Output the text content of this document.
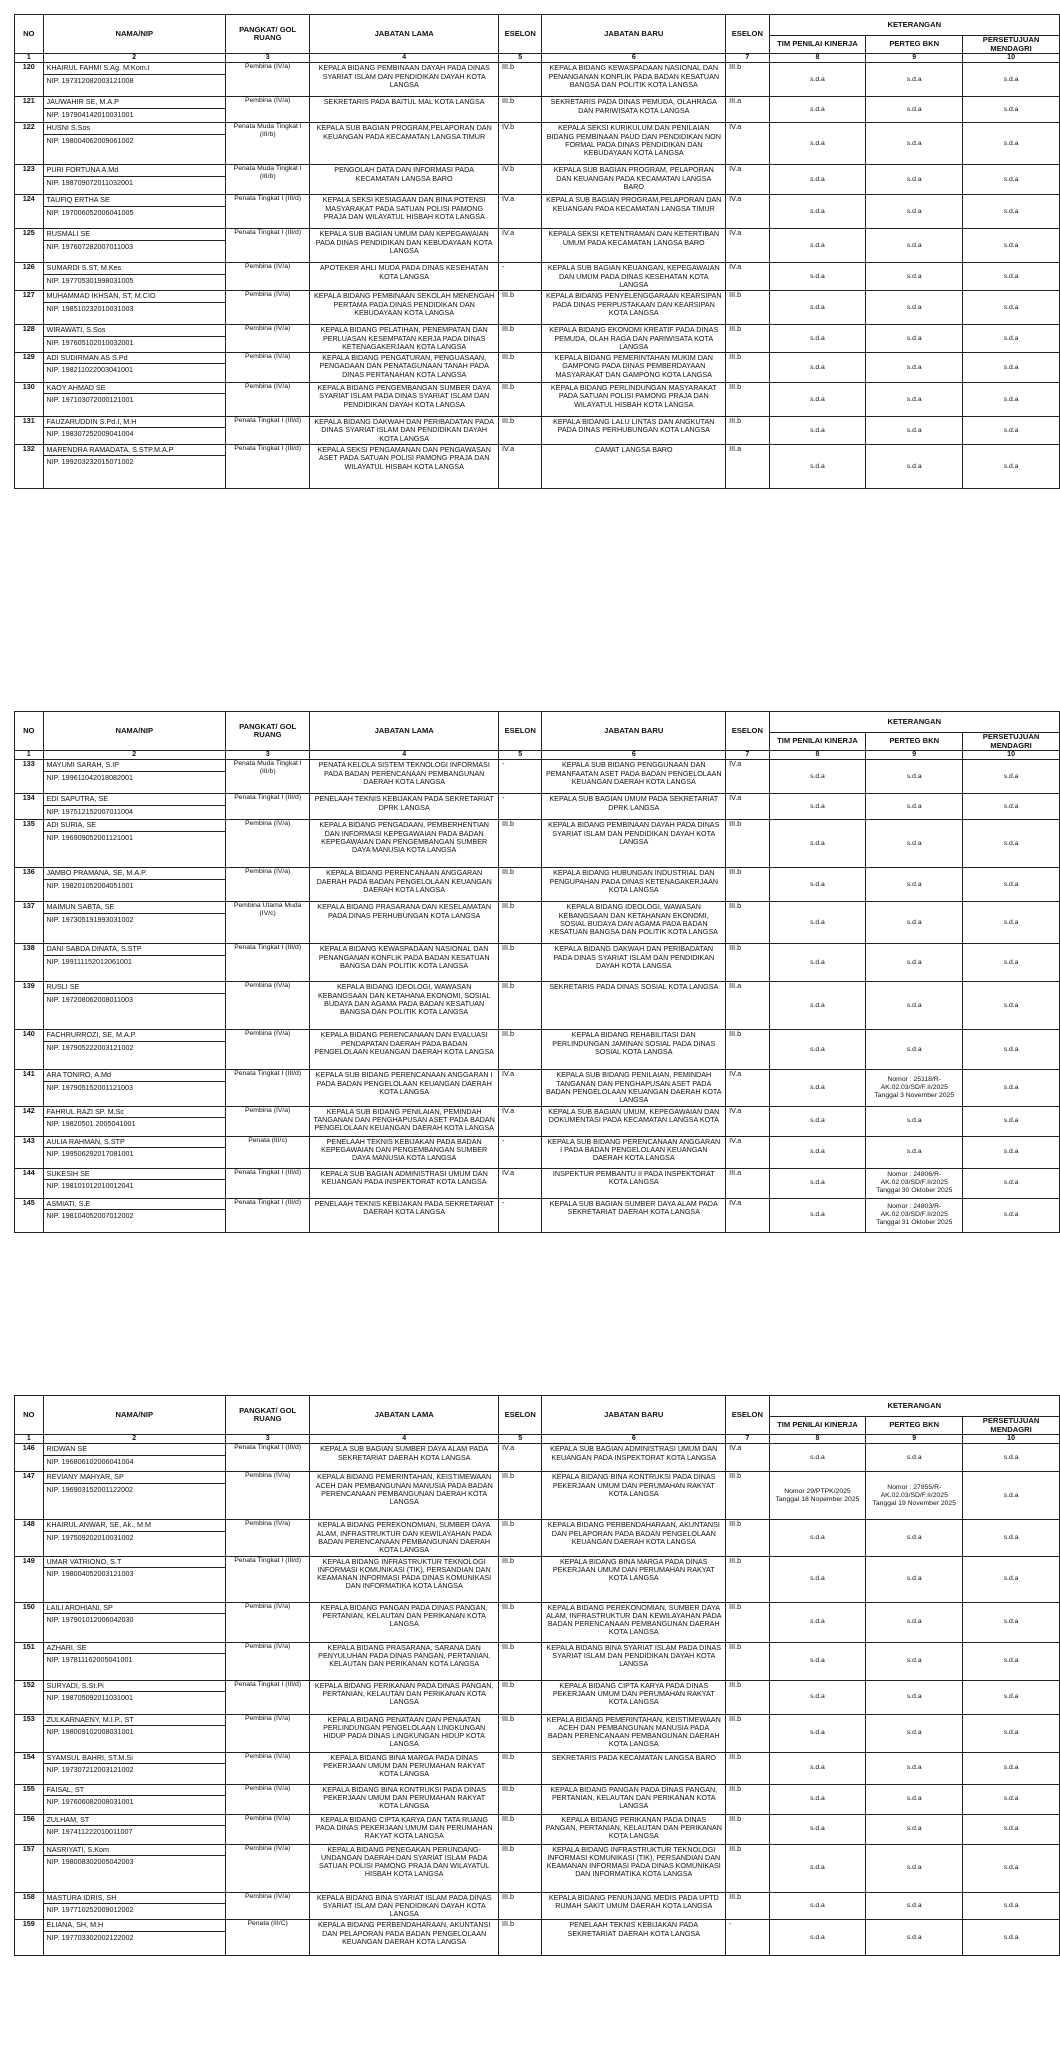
NO	NAMA/NIP	PANGKAT/ GOL RUANG	JABATAN LAMA	ESELON	JABATAN BARU	ESELON	KETERANGAN		
							TIM PENILAI KINERJA	PERTEG BKN	PERSETUJUAN MENDAGRI
1	2	3	4	5	6	7	8	9	10
120	KHAIRUL FAHMI S.Ag. M.Kom.I
NIP. 197312082003121008	Pembina (IV/a)	KEPALA BIDANG PEMBINAAN DAYAH PADA DINAS SYARIAT ISLAM DAN PENDIDIKAN DAYAH KOTA LANGSA	III.b	KEPALA BIDANG KEWASPADAAN NASIONAL DAN PENANGANAN KONFLIK PADA BADAN KESATUAN BANGSA DAN POLITIK KOTA LANGSA	III.b	s.d.a	s.d.a	s.d.a
121	JAUWAHIR SE, M.A.P
NIP. 197904142010031001	Pembina (IV/a)	SEKRETARIS PADA BAITUL MAL KOTA LANGSA	III.b	SEKRETARIS PADA DINAS PEMUDA, OLAHRAGA DAN PARIWISATA KOTA LANGSA	III.a	s.d.a	s.d.a	s.d.a
122	HUSNI S.Sos
NIP. 198004062009061002	Penata Muda Tingkat I (III/b)	KEPALA SUB BAGIAN PROGRAM,PELAPORAN DAN KEUANGAN PADA KECAMATAN LANGSA TIMUR	IV.b	KEPALA SEKSI KURIKULUM DAN PENILAIAN BIDANG PEMBINAAN PAUD DAN PENDIDIKAN NON FORMAL PADA DINAS PENDIDIKAN DAN KEBUDAYAAN KOTA LANGSA	IV.a	s.d.a	s.d.a	s.d.a
123	PURI FORTUNA A.Md
NIP. 198709072011032001	Penata Muda Tingkat I (III/b)	PENGOLAH DATA DAN INFORMASI PADA KECAMATAN LANGSA BARO	IV.b	KEPALA SUB BAGIAN PROGRAM, PELAPORAN DAN KEUANGAN PADA KECAMATAN LANGSA BARO	IV.a	s.d.a	s.d.a	s.d.a
124	TAUFIQ ERTHA SE
NIP. 197006052006041005	Penata Tingkat I (III/d)	KEPALA SEKSI KESIAGAAN DAN BINA POTENSI MASYARAKAT PADA SATUAN POLISI PAMONG PRAJA DAN WILAYATUL HISBAH KOTA LANGSA	IV.a	KEPALA SUB BAGIAN PROGRAM,PELAPORAN DAN KEUANGAN PADA KECAMATAN LANGSA TIMUR	IV.a	s.d.a	s.d.a	s.d.a
125	RUSMALI SE
NIP. 197607282007011003	Penata Tingkat I (III/d)	KEPALA SUB BAGIAN UMUM DAN KEPEGAWAIAN PADA DINAS PENDIDIKAN DAN KEBUDAYAAN KOTA LANGSA	IV.a	KEPALA SEKSI KETENTRAMAN DAN KETERTIBAN UMUM PADA KECAMATAN LANGSA BARO	IV.a	s.d.a	s.d.a	s.d.a
126	SUMARDI S.ST, M.Kes
NIP. 197705301998031005	Pembina (IV/a)	APOTEKER AHLI MUDA PADA DINAS KESEHATAN KOTA LANGSA	-	KEPALA SUB BAGIAN KEUANGAN, KEPEGAWAIAN DAN UMUM PADA DINAS KESEHATAN KOTA LANGSA	IV.a	s.d.a	s.d.a	s.d.a
127	MUHAMMAD IKHSAN, ST, M.CIO
NIP. 198510232010031003	Pembina (IV/a)	KEPALA BIDANG PEMBINAAN SEKOLAH MENENGAH PERTAMA PADA DINAS PENDIDIKAN DAN KEBUDAYAAN KOTA LANGSA	III.b	KEPALA BIDANG PENYELENGGARAAN KEARSIPAN PADA DINAS PERPUSTAKAAN DAN KEARSIPAN KOTA LANGSA	III.b	s.d.a	s.d.a	s.d.a
128	WIRAWATI, S.Sos
NIP. 197605102010032001	Pembina (IV/a)	KEPALA BIDANG PELATIHAN, PENEMPATAN DAN PERLUASAN KESEMPATAN KERJA PADA DINAS KETENAGAKERJAAN KOTA LANGSA	III.b	KEPALA BIDANG EKONOMI KREATIF PADA DINAS PEMUDA, OLAH RAGA DAN PARIWISATA KOTA LANGSA	III.b	s.d.a	s.d.a	s.d.a
129	ADI SUDIRMAN AS S.Pd
NIP. 198211022003041001	Pembina (IV/a)	KEPALA BIDANG PENGATURAN, PENGUASAAN, PENGADAAN DAN PENATAGUNAAN TANAH PADA DINAS PERTANAHAN KOTA LANGSA	III.b	KEPALA BIDANG PEMERINTAHAN MUKIM DAN GAMPONG PADA DINAS PEMBERDAYAAN MASYARAKAT DAN GAMPONG KOTA LANGSA	III.b	s.d.a	s.d.a	s.d.a
130	KAOY AHMAD SE
NIP. 197103072000121001	Pembina (IV/a)	KEPALA BIDANG PENGEMBANGAN SUMBER DAYA SYARIAT ISLAM PADA DINAS SYARIAT ISLAM DAN PENDIDIKAN DAYAH KOTA LANGSA	III.b	KEPALA BIDANG PERLINDUNGAN MASYARAKAT PADA SATUAN POLISI PAMONG PRAJA DAN WILAYATUL HISBAH KOTA LANGSA	III.b	s.d.a	s.d.a	s.d.a
131	FAUZARUDDIN S.Pd.I, M.H
NIP. 198307252009041004	Penata Tingkat I (III/d)	KEPALA BIDANG DAKWAH DAN PERIBADATAN PADA DINAS SYARIAT ISLAM DAN PENDIDIKAN DAYAH KOTA LANGSA	III.b	KEPALA BIDANG LALU LINTAS DAN ANGKUTAN PADA DINAS PERHUBUNGAN KOTA LANGSA	III.b	s.d.a	s.d.a	s.d.a
132	MARENDRA RAMADATA, S.STP.M.A.P
NIP. 199203232015071002	Penata Tingkat I (III/d)	KEPALA SEKSI PENGAMANAN DAN PENGAWASAN ASET PADA SATUAN POLISI PAMONG PRAJA DAN WILAYATUL HISBAH KOTA LANGSA	IV.a	CAMAT LANGSA BARO	III.a	s.d.a	s.d.a	s.d.a
NO	NAMA/NIP	PANGKAT/ GOL RUANG	JABATAN LAMA	ESELON	JABATAN BARU	ESELON	KETERANGAN		
							TIM PENILAI KINERJA	PERTEG BKN	PERSETUJUAN MENDAGRI
1	2	3	4	5	6	7	8	9	10
133	MAYUMI SARAH, S.IP
NIP. 199611042018082001	Penata Muda Tingkat I (III/b)	PENATA KELOLA SISTEM TEKNOLOGI INFORMASI PADA BADAN PERENCANAAN PEMBANGUNAN DAERAH KOTA LANGSA	-	KEPALA SUB BIDANG PENGGUNAAN DAN PEMANFAATAN ASET PADA BADAN PENGELOLAAN KEUANGAN DAERAH KOTA LANGSA	IV.a	s.d.a	s.d.a	s.d.a
134	EDI SAPUTRA, SE
NIP. 197512152007011004	Penata Tingkat I (III/d)	PENELAAH TEKNIS KEBIJAKAN PADA SEKRETARIAT DPRK LANGSA	-	KEPALA SUB BAGIAN UMUM PADA SEKRETARIAT DPRK LANGSA	IV.a	s.d.a	s.d.a	s.d.a
135	ADI SURIA, SE
NIP. 196909052001121001	Pembina (IV/a)	KEPALA BIDANG PENGADAAN, PEMBERHENTIAN DAN INFORMASI KEPEGAWAIAN PADA BADAN KEPEGAWAIAN DAN PENGEMBANGAN SUMBER DAYA MANUSIA KOTA LANGSA	III.b	KEPALA BIDANG PEMBINAAN DAYAH PADA DINAS SYARIAT ISLAM DAN PENDIDIKAN DAYAH KOTA LANGSA	III.b	s.d.a	s.d.a	s.d.a
136	JAMBO PRAMANA, SE, M.A.P.
NIP. 198201052004051001	Pembina (IV/a)	KEPALA BIDANG PERENCANAAN ANGGARAN DAERAH PADA BADAN PENGELOLAAN KEUANGAN DAERAH KOTA LANGSA	III.b	KEPALA BIDANG HUBUNGAN INDUSTRIAL DAN PENGUPAHAN PADA DINAS KETENAGAKERJAAN KOTA LANGSA	III.b	s.d.a	s.d.a	s.d.a
137	MAIMUN SABTA, SE
NIP. 197305191993031002	Pembina Utama Muda (IV/c)	KEPALA BIDANG PRASARANA DAN KESELAMATAN PADA DINAS PERHUBUNGAN KOTA LANGSA	III.b	KEPALA BIDANG IDEOLOGI, WAWASAN KEBANGSAAN DAN KETAHANAN EKONOMI, SOSIAL BUDAYA DAN AGAMA PADA BADAN KESATUAN BANGSA DAN POLITIK KOTA LANGSA	III.b	s.d.a	s.d.a	s.d.a
138	DANI SABDA DINATA, S.STP
NIP. 199111152012061001	Penata Tingkat I (III/d)	KEPALA BIDANG KEWASPADAAN NASIONAL DAN PENANGANAN KONFLIK PADA BADAN KESATUAN BANGSA DAN POLITIK KOTA LANGSA	III.b	KEPALA BIDANG DAKWAH DAN PERIBADATAN PADA DINAS SYARIAT ISLAM DAN PENDIDIKAN DAYAH KOTA LANGSA	III.b	s.d.a	s.d.a	s.d.a
139	RUSLI SE
NIP. 197208062008011003	Pembina (IV/a)	KEPALA BIDANG IDEOLOGI, WAWASAN KEBANGSAAN DAN KETAHANA EKONOMI, SOSIAL BUDAYA DAN AGAMA PADA BADAN KESATUAN BANGSA DAN POLITIK KOTA LANGSA	III.b	SEKRETARIS PADA DINAS SOSIAL KOTA LANGSA	III.a	s.d.a	s.d.a	s.d.a
140	FACHRURROZI, SE, M.A.P.
NIP. 197905222003121002	Pembina (IV/a)	KEPALA BIDANG PERENCANAAN DAN EVALUASI PENDAPATAN DAERAH PADA BADAN PENGELOLAAN KEUANGAN DAERAH KOTA LANGSA	III.b	KEPALA BIDANG REHABILITASI DAN PERLINDUNGAN JAMINAN SOSIAL PADA DINAS SOSIAL KOTA LANGSA	III.b	s.d.a	s.d.a	s.d.a
141	ARA TONIRO, A.Md
NIP. 197905152001121003	Penata Tingkat I (III/d)	KEPALA SUB BIDANG PERENCANAAN ANGGARAN I PADA BADAN PENGELOLAAN KEUANGAN DAERAH KOTA LANGSA	IV.a	KEPALA SUB BIDANG PENILAIAN, PEMINDAH TANGANAN DAN PENGHAPUSAN ASET PADA BADAN PENGELOLAAN KEUANGAN DAERAH KOTA LANGSA	IV.a	s.d.a	Nomor : 25118/R-AK.02.03/SD/F.II/2025 Tanggal 3 November 2025	s.d.a
142	FAHRUL RAZI SP. M.Sc
NIP. 19820501 2005041001	Pembina (IV/a)	KEPALA SUB BIDANG PENILAIAN, PEMINDAH TANGANAN DAN PENGHAPUSAN ASET PADA BADAN PENGELOLAAN KEUANGAN DAERAH KOTA LANGSA	IV.a	KEPALA SUB BAGIAN UMUM, KEPEGAWAIAN DAN DOKUMENTASI PADA KECAMATAN LANGSA KOTA	IV.a	s.d.a	s.d.a	s.d.a
143	AULIA RAHMAN, S.STP
NIP. 199506292017081001	Penata (III/c)	PENELAAH TEKNIS KEBIJAKAN PADA BADAN KEPEGAWAIAN DAN PENGEMBANGAN SUMBER DAYA MANUSIA KOTA LANGSA	-	KEPALA SUB BIDANG PERENCANAAN ANGGARAN I PADA BADAN PENGELOLAAN KEUANGAN DAERAH KOTA LANGSA	IV.a	s.d.a	s.d.a	s.d.a
144	SUKESIH SE
NIP. 198101012010012041	Penata Tingkat I (III/d)	KEPALA SUB BAGIAN ADMINISTRASI UMUM DAN KEUANGAN PADA INSPEKTORAT KOTA LANGSA	IV.a	INSPEKTUR PEMBANTU II PADA INSPEKTORAT KOTA LANGSA	III.a	s.d.a	Nomor : 24806/R-AK.02.03/SD/F.II/2025 Tanggal 30 Oktober 2025	s.d.a
145	ASMIATI, S.E
NIP. 198104052007012002	Penata Tingkat I (III/d)	PENELAAH TEKNIS KEBIJAKAN PADA SEKRETARIAT DAERAH KOTA LANGSA	-	KEPALA SUB BAGIAN SUMBER DAYA ALAM PADA SEKRETARIAT DAERAH KOTA LANGSA	IV.a	s.d.a	Nomor : 24803/R-AK.02.03/SD/F.II/2025 Tanggal 31 Oktober 2025	s.d.a
NO	NAMA/NIP	PANGKAT/ GOL RUANG	JABATAN LAMA	ESELON	JABATAN BARU	ESELON	KETERANGAN		
							TIM PENILAI KINERJA	PERTEG BKN	PERSETUJUAN MENDAGRI
1	2	3	4	5	6	7	8	9	10
146	RIDWAN SE
NIP. 196806102006041004	Penata Tingkat I (III/d)	KEPALA SUB BAGIAN SUMBER DAYA ALAM PADA SEKRETARIAT DAERAH KOTA LANGSA	IV.a	KEPALA SUB BAGIAN ADMINISTRASI UMUM DAN KEUANGAN PADA INSPEKTORAT KOTA LANGSA	IV.a	s.d.a	s.d.a	s.d.a
147	REVIANY MAHYAR, SP
NIP. 196903152001122002	Pembina (IV/a)	KEPALA BIDANG PEMERINTAHAN, KEISTIMEWAAN ACEH DAN PEMBANGUNAN MANUSIA PADA BADAN PERENCANAAN PEMBANGUNAN DAERAH KOTA LANGSA	III.b	KEPALA BIDANG BINA KONTRUKSI PADA DINAS PEKERJAAN UMUM DAN PERUMAHAN RAKYAT KOTA LANGSA	III.b	Nomor 29/PTPK/2025 Tanggal 18 Nopember 2025	Nomor : 27855/R-AK.02.03/SD/F.II/2025 Tanggal 19 November 2025	s.d.a
148	KHAIRUL ANWAR, SE, Ak., M.M
NIP. 197509202010031002	Pembina (IV/a)	KEPALA BIDANG PEREKONOMIAN, SUMBER DAYA ALAM, INFRASTRUKTUR DAN KEWILAYAHAN PADA BADAN PERENCANAAN PEMBANGUNAN DAERAH KOTA LANGSA	III.b	KEPALA BIDANG PERBENDAHARAAN, AKUNTANSI DAN PELAPORAN PADA BADAN PENGELOLAAN KEUANGAN DAERAH KOTA LANGSA	III.b	s.d.a	s.d.a	s.d.a
149	UMAR VATRIONO, S.T
NIP. 198004052003121003	Penata Tingkat I (III/d)	KEPALA BIDANG INFRASTRUKTUR TEKNOLOGI INFORMASI KOMUNIKASI (TIK), PERSANDIAN DAN KEAMANAN INFORMASI PADA DINAS KOMUNIKASI DAN INFORMATIKA KOTA LANGSA	III.b	KEPALA BIDANG BINA MARGA PADA DINAS PEKERJAAN UMUM DAN PERUMAHAN RAKYAT KOTA LANGSA	III.b	s.d.a	s.d.a	s.d.a
150	LAILI ARDHIANI, SP
NIP. 197901012006042030	Pembina (IV/a)	KEPALA BIDANG PANGAN PADA DINAS PANGAN, PERTANIAN, KELAUTAN DAN PERIKANAN KOTA LANGSA	III.b	KEPALA BIDANG PEREKONOMIAN, SUMBER DAYA ALAM, INFRASTRUKTUR DAN KEWILAYAHAN PADA BADAN PERENCANAAN PEMBANGUNAN DAERAH KOTA LANGSA	III.b	s.d.a	s.d.a	s.d.a
151	AZHARI, SE
NIP. 197811162005041001	Pembina (IV/a)	KEPALA BIDANG PRASARANA, SARANA DAN PENYULUHAN PADA DINAS PANGAN, PERTANIAN, KELAUTAN DAN PERIKANAN KOTA LANGSA	III.b	KEPALA BIDANG BINA SYARIAT ISLAM PADA DINAS SYARIAT ISLAM DAN PENDIDIKAN DAYAH KOTA LANGSA	III.b	s.d.a	s.d.a	s.d.a
152	SURYADI, S.St.Pi
NIP. 198705092011031001	Penata Tingkat I (III/d)	KEPALA BIDANG PERIKANAN PADA DINAS PANGAN, PERTANIAN, KELAUTAN DAN PERIKANAN KOTA LANGSA	III.b	KEPALA BIDANG CIPTA KARYA PADA DINAS PEKERJAAN UMUM DAN PERUMAHAN RAKYAT KOTA LANGSA	III.b	s.d.a	s.d.a	s.d.a
153	ZULKARNAENY, M.I.P., ST
NIP. 198009102008031001	Pembina (IV/a)	KEPALA BIDANG PENATAAN DAN PENAATAN PERLINDUNGAN PENGELOLAAN LINGKUNGAN HIDUP PADA DINAS LINGKUNGAN HIDUP KOTA LANGSA	III.b	KEPALA BIDANG PEMERINTAHAN, KEISTIMEWAAN ACEH DAN PEMBANGUNAN MANUSIA PADA BADAN PERENCANAAN PEMBANGUNAN DAERAH KOTA LANGSA	III.b	s.d.a	s.d.a	s.d.a
154	SYAMSUL BAHRI, ST.M.Si
NIP. 197307212003121002	Pembina (IV/a)	KEPALA BIDANG BINA MARGA PADA DINAS PEKERJAAN UMUM DAN PERUMAHAN RAKYAT KOTA LANGSA	III.b	SEKRETARIS PADA KECAMATAN LANGSA BARO	III.b	s.d.a	s.d.a	s.d.a
155	FAISAL, ST
NIP. 197606082008031001	Pembina (IV/a)	KEPALA BIDANG BINA KONTRUKSI PADA DINAS PEKERJAAN UMUM DAN PERUMAHAN RAKYAT KOTA LANGSA	III.b	KEPALA BIDANG PANGAN PADA DINAS PANGAN, PERTANIAN, KELAUTAN DAN PERIKANAN KOTA LANGSA	III.b	s.d.a	s.d.a	s.d.a
156	ZULHAM, ST
NIP. 197411222010011007	Pembina (IV/a)	KEPALA BIDANG CIPTA KARYA DAN TATA RUANG PADA DINAS PEKERJAAN UMUM DAN PERUMAHAN RAKYAT KOTA LANGSA	III.b	KEPALA BIDANG PERIKANAN PADA DINAS PANGAN, PERTANIAN, KELAUTAN DAN PERIKANAN KOTA LANGSA	III.b	s.d.a	s.d.a	s.d.a
157	NASRIYATI, S.Kom
NIP. 198008302005042003	Pembina (IV/a)	KEPALA BIDANG PENEGAKAN PERUNDANG-UNDANGAN DAERAH DAN SYARIAT ISLAM PADA SATUAN POLISI PAMONG PRAJA DAN WILAYATUL HISBAH KOTA LANGSA	III.b	KEPALA BIDANG INFRASTRUKTUR TEKNOLOGI INFORMASI KOMUNIKASI (TIK), PERSANDIAN DAN KEAMANAN INFORMASI PADA DINAS KOMUNIKASI DAN INFORMATIKA KOTA LANGSA	III.b	s.d.a	s.d.a	s.d.a
158	MASTURA IDRIS, SH
NIP. 197710252009012002	Pembina (IV/a)	KEPALA BIDANG BINA SYARIAT ISLAM PADA DINAS SYARIAT ISLAM DAN PENDIDIKAN DAYAH KOTA LANGSA	III.b	KEPALA BIDANG PENUNJANG MEDIS PADA UPTD RUMAH SAKIT UMUM DAERAH KOTA LANGSA	III.b	s.d.a	s.d.a	s.d.a
159	ELIANA, SH, M.H
NIP. 197703302002122002	Penata (III/C)	KEPALA BIDANG PERBENDAHARAAN, AKUNTANSI DAN PELAPORAN PADA BADAN PENGELOLAAN KEUANGAN DAERAH KOTA LANGSA	III.b	PENELAAH TEKNIS KEBIJAKAN PADA SEKRETARIAT DAERAH KOTA LANGSA	-	s.d.a	s.d.a	s.d.a
